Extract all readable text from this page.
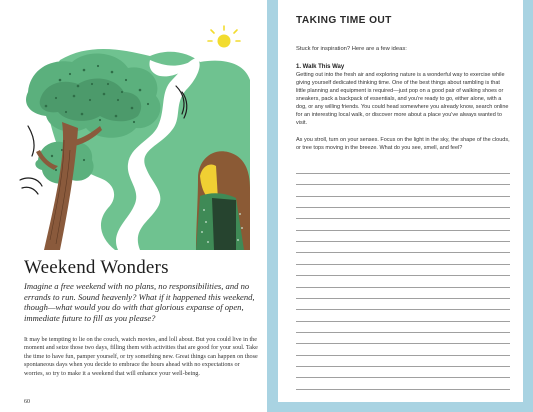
Weekend Wonders

Imagine a free weekend with no plans, no responsibilities, and no errands to run. Sound heavenly? What if it happened this weekend, though—what would you do with that glorious expanse of open, immediate future to fill as you please?

It may be tempting to lie on the couch, watch movies, and loll about. But you could live in the moment and seize those two days, filling them with activities that are good for your soul. Take the time to have fun, pamper yourself, or try something new. Great things can happen on those spontaneous days when you decide to embrace the hours ahead with no expectations or worries, so try to make it a weekend that will enhance your well-being.

60
TAKING TIME OUT

Stuck for inspiration? Here are a few ideas:

1. Walk This Way

Getting out into the fresh air and exploring nature is a wonderful way to exercise while giving yourself dedicated thinking time. One of the best things about rambling is that little planning and equipment is required—just pop on a good pair of walking shoes or sneakers, pack a backpack of essentials, and you're ready to go, either alone, with a dog, or any willing friends. You could head somewhere you already know, search online for an interesting local walk, or discover more about a place you've always wanted to visit.

As you stroll, turn on your senses. Focus on the light in the sky, the shape of the clouds, or tree tops moving in the breeze. What do you see, smell, and feel?
